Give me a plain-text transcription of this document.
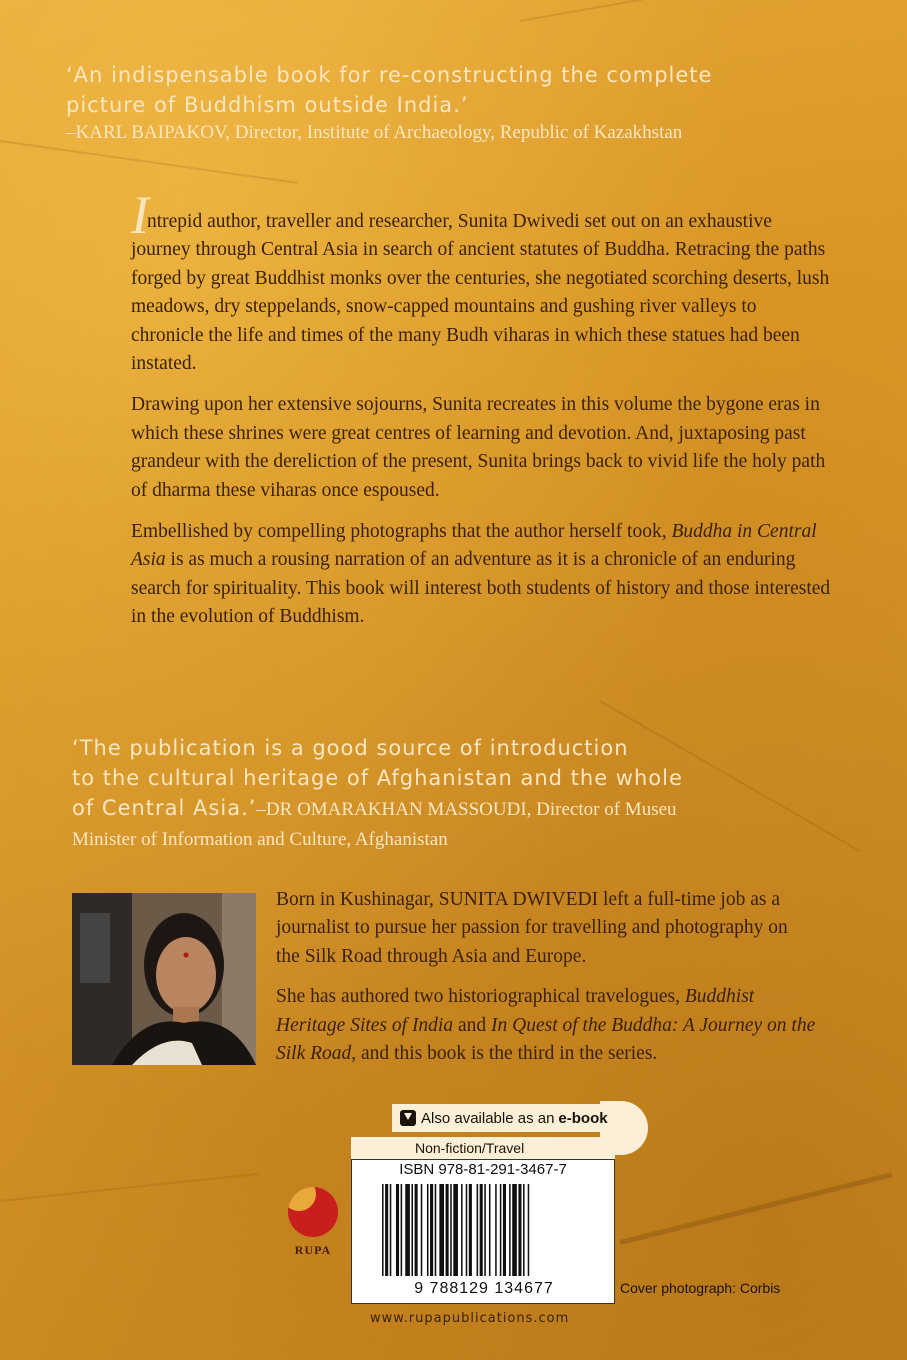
‘An indispensable book for re-constructing the complete
picture of Buddhism outside India.’
–KARL BAIPAKOV, Director, Institute of Archaeology, Republic of Kazakhstan

Intrepid author, traveller and researcher, Sunita Dwivedi set out on an exhaustive journey through Central Asia in search of ancient statutes of Buddha. Retracing the paths forged by great Buddhist monks over the centuries, she negotiated scorching deserts, lush meadows, dry steppelands, snow-capped mountains and gushing river valleys to chronicle the life and times of the many Budh viharas in which these statues had been instated.

Drawing upon her extensive sojourns, Sunita recreates in this volume the bygone eras in which these shrines were great centres of learning and devotion. And, juxtaposing past grandeur with the dereliction of the present, Sunita brings back to vivid life the holy path of dharma these viharas once espoused.

Embellished by compelling photographs that the author herself took, Buddha in Central Asia is as much a rousing narration of an adventure as it is a chronicle of an enduring search for spirituality. This book will interest both students of history and those interested in the evolution of Buddhism.

‘The publication is a good source of introduction
to the cultural heritage of Afghanistan and the whole
of Central Asia.’–DR OMARAKHAN MASSOUDI, Director of Museu
Minister of Information and Culture, Afghanistan

Born in Kushinagar, SUNITA DWIVEDI left a full-time job as a journalist to pursue her passion for travelling and photography on the Silk Road through Asia and Europe.

She has authored two historiographical travelogues, Buddhist Heritage Sites of India and In Quest of the Buddha: A Journey on the Silk Road, and this book is the third in the series.

Also available as an e-book
Non-fiction/Travel
ISBN 978-81-291-3467-7
9 788129 134677
RUPA
Cover photograph: Corbis
www.rupapublications.com
